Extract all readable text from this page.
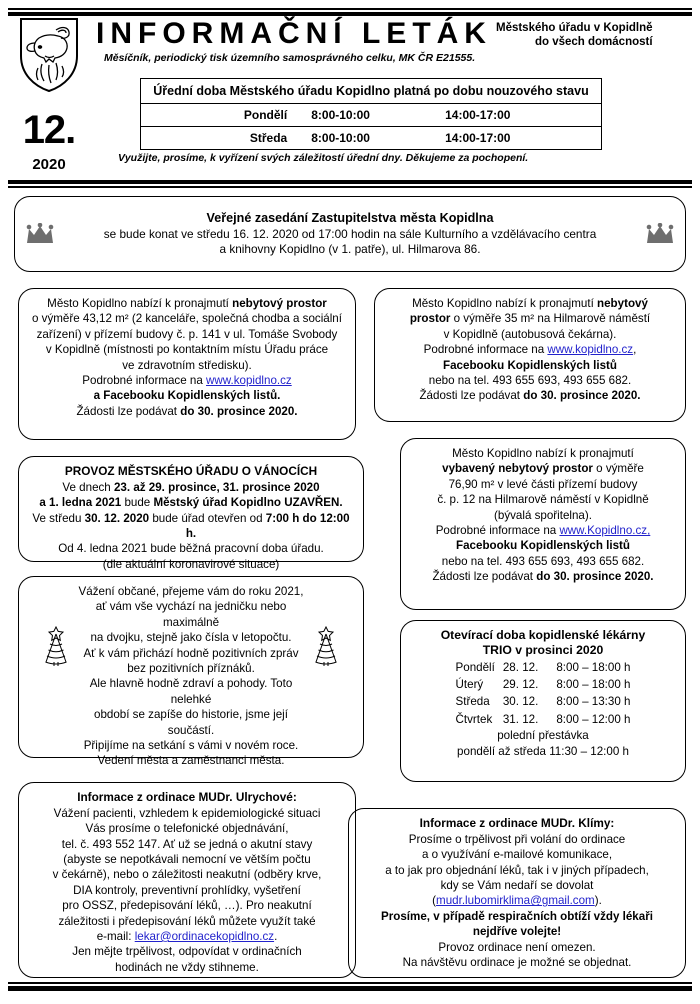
12.
2020
INFORMAČNÍ LETÁK Městského úřadu v Kopidlně
do všech domácností
Měsíčník, periodický tisk územního samosprávného celku, MK ČR E21555.
Úřední doba Městského úřadu Kopidlno platná po dobu nouzového stavu		
Pondělí	8:00-10:00	14:00-17:00
Středa	8:00-10:00	14:00-17:00
Využijte, prosíme, k vyřízení svých záležitostí úřední dny. Děkujeme za pochopení.

Veřejné zasedání Zastupitelstva města Kopidlna

se bude konat ve středu 16. 12. 2020 od 17:00 hodin na sále Kulturního a vzdělávacího centra

a knihovny Kopidlno (v 1. patře), ul. Hilmarova 86.

Město Kopidlno nabízí k pronajmutí nebytový prostor

o výměře 43,12 m² (2 kanceláře, společná chodba a sociální

zařízení) v přízemí budovy č. p. 141 v ul. Tomáše Svobody

v Kopidlně (místnosti po kontaktním místu Úřadu práce

ve zdravotním středisku).

Podrobné informace na www.kopidlno.cz

a Facebooku Kopidlenských listů.

Žádosti lze podávat do 30. prosince 2020.

PROVOZ MĚSTSKÉHO ÚŘADU O VÁNOCÍCH

Ve dnech 23. až 29. prosince, 31. prosince 2020

a 1. ledna 2021 bude Městský úřad Kopidlno UZAVŘEN.

Ve středu 30. 12. 2020 bude úřad otevřen od 7:00 h do 12:00 h.

Od 4. ledna 2021 bude běžná pracovní doba úřadu.

(dle aktuální koronavirové situace)

Vážení občané, přejeme vám do roku 2021,

ať vám vše vychází na jedničku nebo maximálně

na dvojku, stejně jako čísla v letopočtu.

Ať k vám přichází hodně pozitivních zpráv

bez pozitivních příznáků.

Ale hlavně hodně zdraví a pohody. Toto nelehké

období se zapíše do historie, jsme její součástí.

Připijíme na setkání s vámi v novém roce.

Vedení města a zaměstnanci města.

Informace z ordinace MUDr. Ulrychové:

Vážení pacienti, vzhledem k epidemiologické situaci

Vás prosíme o telefonické objednávání,

tel. č. 493 552 147. Ať už se jedná o akutní stavy

(abyste se nepotkávali nemocní ve větším počtu

v čekárně), nebo o záležitosti neakutní (odběry krve,

DIA kontroly, preventivní prohlídky, vyšetření

pro OSSZ, předepisování léků, …). Pro neakutní

záležitosti i předepisování léků můžete využít také

e-mail: lekar@ordinacekopidlno.cz.

Jen mějte trpělivost, odpovídat v ordinačních

hodinách ne vždy stihneme.

Město Kopidlno nabízí k pronajmutí nebytový

prostor o výměře 35 m² na Hilmarově náměstí

v Kopidlně (autobusová čekárna).

Podrobné informace na www.kopidlno.cz,

Facebooku Kopidlenských listů

nebo na tel. 493 655 693, 493 655 682.

Žádosti lze podávat do 30. prosince 2020.

Město Kopidlno nabízí k pronajmutí

vybavený nebytový prostor o výměře

76,90 m² v levé části přízemí budovy

č. p. 12 na Hilmarově náměstí v Kopidlně

(bývalá spořitelna).

Podrobné informace na www.Kopidlno.cz,

Facebooku Kopidlenských listů

nebo na tel. 493 655 693, 493 655 682.

Žádosti lze podávat do 30. prosince 2020.

Otevírací doba kopidlenské lékárny

TRIO v prosinci 2020

Pondělí	28. 12.	8:00 – 18:00 h
Úterý	29. 12.	8:00 – 18:00 h
Středa	30. 12.	8:00 – 13:30 h
Čtvrtek	31. 12.	8:00 – 12:00 h

polední přestávka

pondělí až středa 11:30 – 12:00 h

Informace z ordinace MUDr. Klímy:

Prosíme o trpělivost při volání do ordinace

a o využívání e-mailové komunikace,

a to jak pro objednání léků, tak i v jiných případech,

kdy se Vám nedaří se dovolat

(mudr.lubomirklima@gmail.com).

Prosíme, v případě respiračních obtíží vždy lékaři

nejdříve volejte!

Provoz ordinace není omezen.

Na návštěvu ordinace je možné se objednat.
